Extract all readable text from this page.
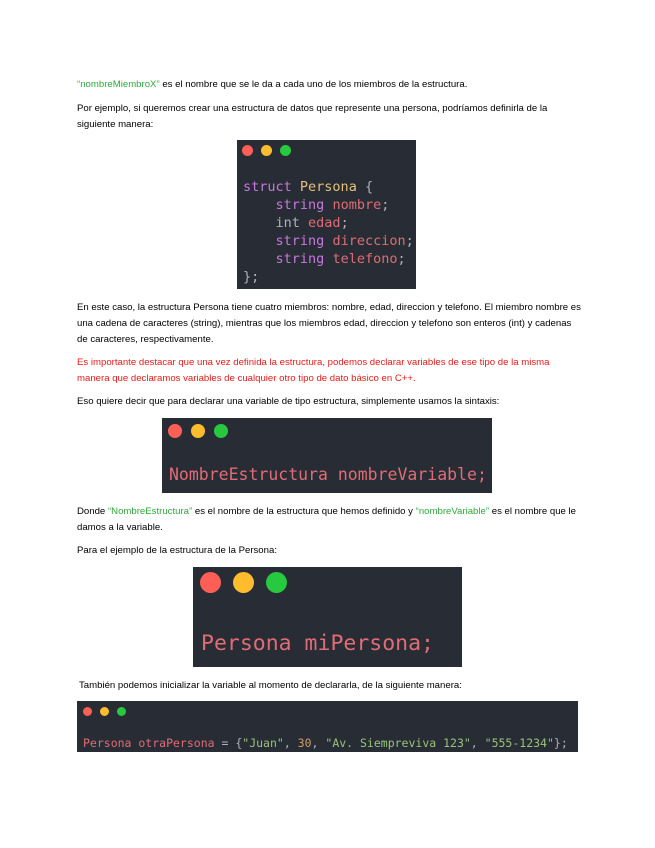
“nombreMiembroX” es el nombre que se le da a cada uno de los miembros de la estructura.
Por ejemplo, si queremos crear una estructura de datos que represente una persona, podríamos definirla de la siguiente manera:
struct Persona {
string nombre;
int edad;
string direccion;
string telefono;
};
En este caso, la estructura Persona tiene cuatro miembros: nombre, edad, direccion y telefono. El miembro nombre es una cadena de caracteres (string), mientras que los miembros edad, direccion y telefono son enteros (int) y cadenas de caracteres, respectivamente.
Es importante destacar que una vez definida la estructura, podemos declarar variables de ese tipo de la misma manera que declaramos variables de cualquier otro tipo de dato básico en C++.
Eso quiere decir que para declarar una variable de tipo estructura, simplemente usamos la sintaxis:
NombreEstructura nombreVariable;
Donde “NombreEstructura” es el nombre de la estructura que hemos definido y “nombreVariable” es el nombre que le damos a la variable.
Para el ejemplo de la estructura de la Persona:
Persona miPersona;
También podemos inicializar la variable al momento de declararla, de la siguiente manera:
Persona otraPersona = {"Juan", 30, "Av. Siempreviva 123", "555-1234"};
